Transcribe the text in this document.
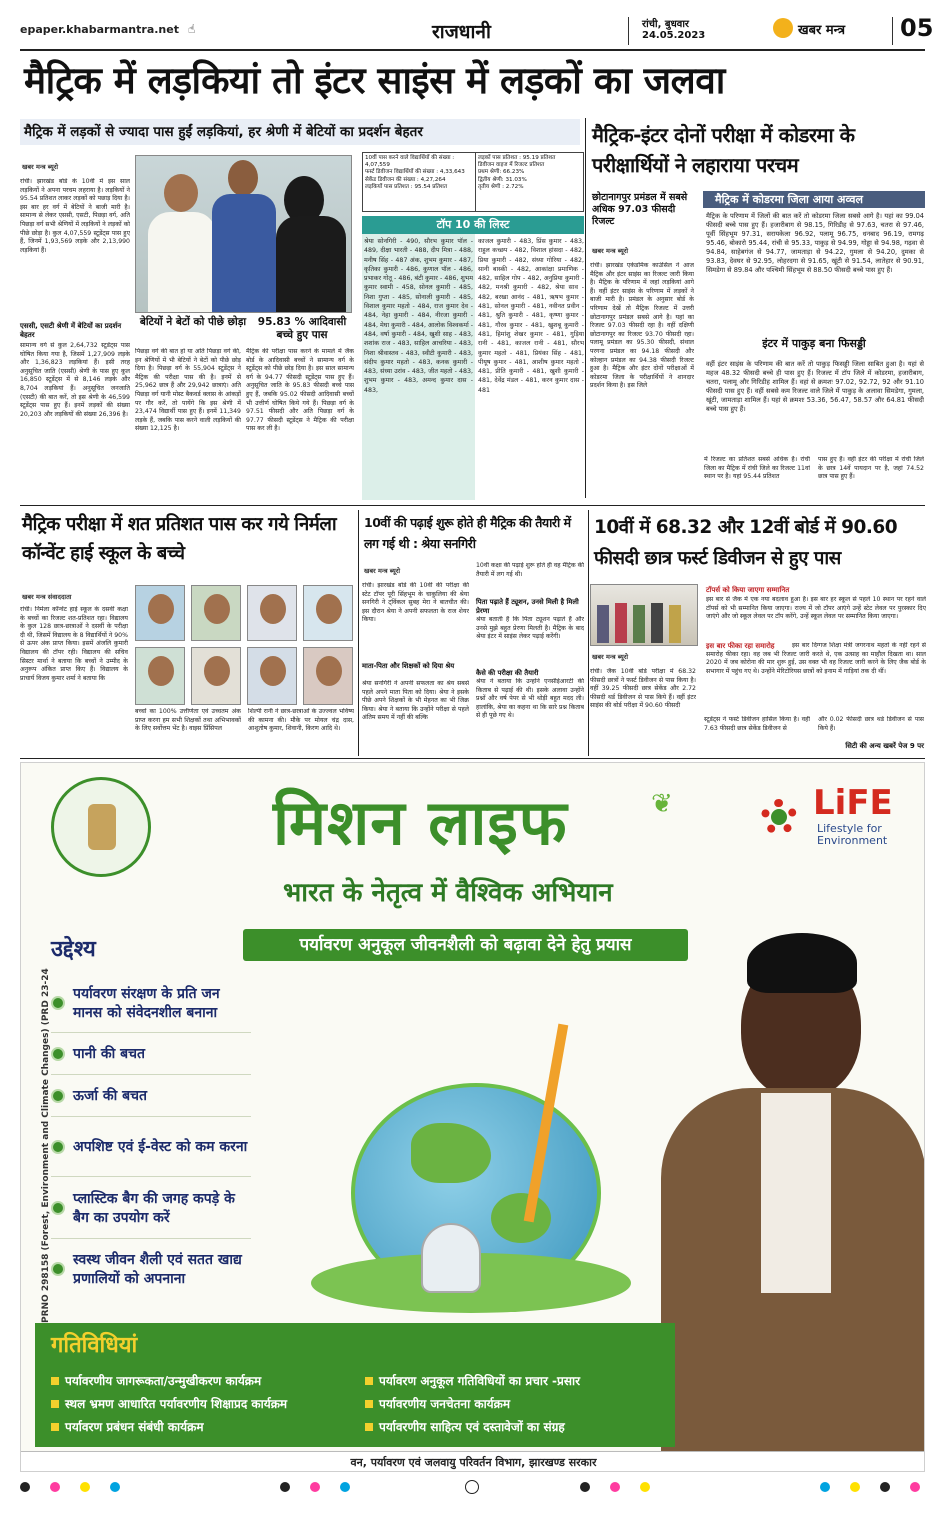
epaper.khabarmantra.net ☝	राजधानी	रांची, बुधवार
24.05.2023	खबर मन्त्र 05
मैट्रिक में लड़कियां तो इंटर साइंस में लड़कों का जलवा
मैट्रिक में लड़कों से ज्यादा पास हुईं लड़कियां, हर श्रेणी में बेटियों का प्रदर्शन बेहतर
खबर मन्त्र ब्यूरो
रांची। झारखंड बोर्ड के 10वीं में इस साल लड़कियों ने अपना परचम लहराया है। लड़कियों ने 95.54 प्रतिशत लाकर लड़कों को पछाड़ दिया है। इस बार हर वर्ग में बेटियों ने बाजी मारी है। सामान्य से लेकर एससी, एसटी, पिछड़ा वर्ग, अति पिछड़ा वर्ग सभी श्रेणियों में लड़कियों ने लड़कों को पीछे छोड़ा है। कुल 4,07,559 स्टूडेंट्स पास हुए हैं, जिनमें 1,93,569 लड़के और 2,13,990 लड़कियां हैं।
एससी, एसटी श्रेणी में बेटियों का प्रदर्शन बेहतर
सामान्य वर्ग से कुल 2,64,732 स्टूडेंट्स पास घोषित किया गया है, जिसमें 1,27,909 लड़के और 1,36,823 लड़कियां हैं। इसी तरह अनुसूचित जाति (एससी) श्रेणी के पास हुए कुल 16,850 स्टूडेंट्स में से 8,146 लड़के और 8,704 लड़कियां हैं। अनुसूचित जनजाति (एसटी) की बात करें, तो इस श्रेणी के 46,599 स्टूडेंट्स पास हुए हैं। इनमें लड़कों की संख्या 20,203 और लड़कियों की संख्या 26,396 है।
बेटियों ने बेटों को पीछे छोड़ा	95.83 % आदिवासी बच्चे हुए पास
पिछड़ा वर्ग की बात हो या अति पिछड़ा वर्ग की, इन श्रेणियों में भी बेटियों ने बेटों को पीछे छोड़ दिया है। पिछड़ा वर्ग के 55,904 स्टूडेंट्स ने मैट्रिक की परीक्षा पास की है। इनमें से 25,962 छात्र हैं और 29,942 छात्राएं। अति पिछड़ा वर्ग यानी मोस्ट बैकवर्ड क्लास के आंकड़ों पर गौर करें, तो पायेंगे कि इस श्रेणी में 23,474 विद्यार्थी पास हुए हैं। इनमें 11,349 लड़के हैं, जबकि पास करने वाली लड़कियों की संख्या 12,125 है।
मैट्रिक की परीक्षा पास करने के मामले में जैक बोर्ड के आदिवासी बच्चों ने सामान्य वर्ग के स्टूडेंट्स को पीछे छोड़ दिया है। इस साल सामान्य वर्ग के 94.77 फीसदी स्टूडेंट्स पास हुए हैं। अनुसूचित जाति के 95.83 फीसदी बच्चे पास हुए हैं, जबकि 95.02 फीसदी आदिवासी बच्चों भी उत्तीर्ण घोषित किये गये हैं। पिछड़ा वर्ग के 97.51 फीसदी और अति पिछड़ा वर्ग के 97.77 फीसदी स्टूडेंट्स ने मैट्रिक की परीक्षा पास कर ली है।
10वीं पास करने वाले विद्यार्थियों की संख्या : 4,07,559
फर्स्ट डिवीजन विद्यार्थियों की संख्या : 4,33,643
सेकेंड डिवीजन की संख्या : 4,27,264
लड़कियों पास प्रतिशत : 95.54 प्रतिशत
लड़कों पास प्रतिशत : 95.19 प्रतिशत
डिवीजन वाइज में रिजल्ट प्रतिशत
प्रथम श्रेणी: 66.23%
द्वितीय श्रेणी: 31.03%
तृतीय श्रेणी : 2.72%
टॉप 10 की लिस्ट
श्रेया सोनगिरी - 490, सौरभ कुमार पॉल - 489, दीक्षा भारती - 488, दीप मित्रा - 488, मनीष सिंह - 487 अंक, शुभम कुमार - 487, कृतिका कुमारी - 486, कुणाल पॉल - 486, प्रभाकर गोतू - 486, बंटी कुमार - 486, शुभम कुमार स्वामी - 458, सोनल कुमारी - 485, निशा गुप्ता - 485, सोनाली कुमारी - 485, विशाल कुमार महतो - 484, राज कुमार देव - 484, नेहा कुमारी - 484, नीरजा कुमारी - 484, मेघा कुमारी - 484, आलोक विश्वकर्मा - 484, वर्षा कुमारी - 484, खुशी साह - 483, शशांक राज - 483, साहिल आचरिया - 483, निशा श्रीवास्तव - 483, स्वीटी कुमारी - 483, संदीप कुमार महतो - 483, कनक कुमारी - 483, संध्या उरांव - 483, जीत महतो - 483, शुभम कुमार - 483, अमन्द कुमार दास - 483,
काजल कुमारी - 483, प्रिंस कुमार - 483, राहुल कच्छप - 482, विशाल हांसदा - 482, प्रिया कुमारी - 482, संध्या गोरिया - 482, सानी बास्की - 482, आकांक्षा प्रमाणिक - 482, साहिल गोप - 482, अनुप्रिया कुमारी - 482, मनश्री कुमारी - 482, श्रेया साव - 482, बरखा आनंद - 481, ऋषभ कुमार - 481, सोनल कुमारी - 481, नवीनत प्रवीन - 481, श्रुति कुमारी - 481, कृष्णा कुमार - 481, गौरव कुमार - 481, खुशबू कुमारी - 481, हिमांशु शेखर कुमार - 481, गुड़िया रानी - 481, काजल रानी - 481, सौरभ कुमार महतो - 481, प्रियंका सिंह - 481, पीयूष कुमार - 481, आशीष कुमार महतो - 481, प्रीति कुमारी - 481, खुशी कुमारी - 481, देवेंद्र मंडल - 481, करन कुमार दास - 481
मैट्रिक-इंटर दोनों परीक्षा में कोडरमा के परीक्षार्थियों ने लहाराया परचम
छोटानागपुर प्रमंडल में सबसे अधिक 97.03 फीसदी रिजल्ट
खबर मन्त्र ब्यूरो
रांची। झारखंड एकेडमिक काउंसिल ने आज मैट्रिक और इंटर साइंस का रिजल्ट जारी किया है। मैट्रिक के परिणाम में जहां लड़कियां आगे हैं। वहीं इंटर साइंस के परिणाम में लड़कों ने बाजी मारी है। प्रमंडल के अनुसार बोर्ड के परिणाम देखें तो मैट्रिक रिजल्ट में उत्तरी छोटानागपुर प्रमंडल सबसे आगे है। यहां का रिजल्ट 97.03 फीसदी रहा है। वहीं दक्षिणी छोटानागपुर का रिजल्ट 93.70 फीसदी रहा। पलामू प्रमंडल का 95.30 फीसदी, संथाल परगना प्रमंडल का 94.18 फीसदी और कोल्हान प्रमंडल का 94.38 फीसदी रिजल्ट हुआ है। मैट्रिक और इंटर दोनों परीक्षाओं में कोडरमा जिला के परीक्षार्थियों ने शानदार प्रदर्शन किया है। इस जिले
मैट्रिक में कोडरमा जिला आया अव्वल
मैट्रिक के परिणाम में जिलों की बात करें तो कोडरमा जिला सबसे आगे है। यहां का 99.04 फीसदी बच्चे पास हुए हैं। हजारीबाग से 98.15, गिरिडीह से 97.63, चतरा से 97.46, पूर्वी सिंहभूम 97.31, सरायकेला 96.92, पलामू 96.75, धनबाद 96.19, रामगढ़ 95.46, बोकारो 95.44, रांची से 95.33, पाकुड़ से 94.99, गोड्डा से 94.98, गढ़वा से 94.84, साहेबगंज से 94.77, जामताड़ा से 94.22, गुमला से 94.20, दुमका से 93.83, देवघर से 92.95, लोहरदगा से 91.65, खूंटी से 91.54, लातेहार से 90.91, सिमडेगा से 89.84 और पश्चिमी सिंहभूम से 88.50 फीसदी बच्चे पास हुए हैं।
इंटर में पाकुड़ बना फिसड्डी
वहीं इंटर साइंस के परिणाम की बात करें तो पाकुड़ फिसड्डी जिला साबित हुआ है। यहां से महज 48.32 फीसदी बच्चे ही पास हुए हैं। रिजल्ट में टॉप जिले में कोडरमा, हजारीबाग, चतरा, पलामू और गिरिडीह शामिल हैं। वहां से क्रमशः 97.02, 92.72, 92 और 91.10 फीसदी पास हुए हैं। वहीं सबसे कम रिजल्ट वाले जिले में पाकुड़ के अलावा सिमडेगा, गुमला, खूंटी, जामताड़ा शामिल हैं। यहां से क्रमशः 53.36, 56.47, 58.57 और 64.81 फीसदी बच्चे पास हुए हैं।
में रिजल्ट का प्रतिशत सबसे अधिक है। रांची जिला का मैट्रिक में रांची जिले का रिजल्ट 11वां स्थान पर है। यहां 95.44 प्रतिशत
पास हुए हैं। वहीं इंटर की परीक्षा में रांची जिले के छात्र 14वें पायदान पर है, जहां 74.52 छात्र पास हुए हैं।
मैट्रिक परीक्षा में शत प्रतिशत पास कर गये निर्मला कॉन्वेंट हाई स्कूल के बच्चे
खबर मन्त्र संवाददाता
रांची। निर्मला कॉन्वेंट हाई स्कूल के दसवीं कक्षा के बच्चों का रिजल्ट शत-प्रतिशत रहा। विद्यालय के कुल 128 छात्र-छात्राओं ने दसवीं के परीक्षा दी थी, जिसमें विद्यालय के 8 विद्यार्थियों ने 90% से ऊपर अंक प्राप्त किया। इसमें अंजलि कुमारी विद्यालय की टॉपर रही। विद्यालय की सचिव सिस्टर मार्था ने बताया कि बच्चों ने उम्मीद के अनुरूप अंकित प्राप्त किए हैं। विद्यालय के प्राचार्य विजय कुमार शर्मा ने बताया कि
बच्चों का 100% उत्तीर्णता एवं उच्चतम अंक प्राप्त करना हम सभी शिक्षकों तथा अभिभावकों के लिए सर्वोत्तम भेंट है। वाइस प्रिंसिपल
शिल्पी रानी ने छात्र-छात्राओं के उज्ज्वल भविष्य की कामना की। मौके पर मोयल चंद्र दास, आशुतोष कुमार, शिवानी, किरण आदि थे।
10वीं की पढ़ाई शुरू होते ही मैट्रिक की तैयारी में लग गई थी : श्रेया सनगिरी
खबर मन्त्र ब्यूरो
रांची। झारखंड बोर्ड की 10वीं की परीक्षा की स्टेट टॉपर पूरी सिंहभूम के चाकुलिया की श्रेया सनगिरी ने ट्विंकल सुबह मेरा ने बातचीत की। इस दौरान श्रेया ने अपनी सफलता के राज शेयर किया।
माता-पिता और शिक्षकों को दिया श्रेय
श्रेया सनगिरी ने अपनी सफलता का श्रेय सबसे पहले अपने माता पिता को दिया। श्रेया ने इसके पीछे अपने शिक्षकों के भी मेहनत का भी जिक्र किया। श्रेया ने बताया कि उन्होंने परीक्षा से पहले अंतिम समय में नहीं की बल्कि
10वीं कक्षा की पढ़ाई शुरू होते ही वह मैट्रिक की तैयारी में लग गई थी।
पिता पढ़ाते हैं ट्यूशन, उनसे मिली है मिली प्रेरणा
श्रेया बताती हैं कि पिता ट्यूशन पढ़ाते हैं और उनसे मुझे बहुत प्रेरणा मिलती है। मैट्रिक के बाद श्रेया इंटर में साइंस लेकर पढ़ाई करेंगी।
कैसे की परीक्षा की तैयारी
श्रेया ने बताया कि उन्होंने एनसीईआरटी की किताब से पढ़ाई की थी। इसके अलावा उन्होंने प्रश्नों और वर्ष पेपर से भी थोड़ी बहुत मदद ली। हालांकि, श्रेया का कहना था कि सारे प्रश्न किताब से ही पूछे गए थे।
10वीं में 68.32 और 12वीं बोर्ड में 90.60 फीसदी छात्र फर्स्ट डिवीजन से हुए पास
खबर मन्त्र ब्यूरो
रांची। जैक 10वीं बोर्ड परीक्षा में 68.32 फीसदी छात्रों ने फर्स्ट डिवीजन से पास किया है। वहीं 39.25 फीसदी छात्र सेकेंड और 2.72 फीसदी थर्ड डिवीजन से पास किये हैं। वहीं इंटर साइंस की बोर्ड परीक्षा में 90.60 फीसदी
टॉपर्स को किया जाएगा सम्मानित
इस बार से जैक में एक नया बदलाव हुआ है। इस बार हर स्कूल से पहले 10 स्थान पर रहने वाले टॉपर्स को भी सम्मानित किया जाएगा। राज्य में जो टॉपर आएंगे उन्हें स्टेट लेवल पर पुरस्कार दिए जाएंगे और जो स्कूल लेवल पर टॉप करेंगे, उन्हें स्कूल लेवल पर सम्मानित किया जाएगा।
इस बार फीका रहा समारोह	इस बार दिग्गज शिक्षा मंत्री जगरनाथ महतो के नहीं रहने से समारोह फीका रहा। वह जब भी रिजल्ट जारी करते थे, एक उत्साह का माहौल दिखता था। साल 2020 में जब कोरोना की मार शुरू हुई, उस वक्त भी वह रिजल्ट जारी करने के लिए जैक बोर्ड के सभागार में पहुंच गए थे। उन्होंने मेरिटोरियस छात्रों को इनाम में गाड़ियां तक दी थीं।
स्टूडेंट्स ने फर्स्ट डिवीजन हासिल किया है। वहीं 7.63 फीसदी छात्र सेकेंड डिवीजन से
और 0.02 फीसदी छात्र थर्ड डिवीजन से पास किये हैं।
सिटी की अन्य खबरें पेज 9 पर
मिशन लाइफ	❦
भारत के नेतृत्व में वैश्विक अभियान
पर्यावरण अनुकूल जीवनशैली को बढ़ावा देने हेतु प्रयास
LiFE
Lifestyle for Environment
PRNO 298158 (Forest, Environment and Climate Changes) (PRD 23-24
उद्देश्य
पर्यावरण संरक्षण के प्रति जन मानस को संवेदनशील बनाना
पानी की बचत
ऊर्जा की बचत
अपशिष्ट एवं ई-वेस्ट को कम करना
प्लास्टिक बैग की जगह कपड़े के बैग का उपयोग करें
स्वस्थ जीवन शैली एवं सतत खाद्य प्रणालियों को अपनाना
गतिविधियां
पर्यावरणीय जागरूकता/उन्मुखीकरण कार्यक्रम
स्थल भ्रमण आधारित पर्यावरणीय शिक्षाप्रद कार्यक्रम
पर्यावरण प्रबंधन संबंधी कार्यक्रम
पर्यावरण अनुकूल गतिविधियों का प्रचार -प्रसार
पर्यावरणीय जनचेतना कार्यक्रम
पर्यावरणीय साहित्य एवं दस्तावेजों का संग्रह
वन, पर्यावरण एवं जलवायु परिवर्तन विभाग, झारखण्ड सरकार
